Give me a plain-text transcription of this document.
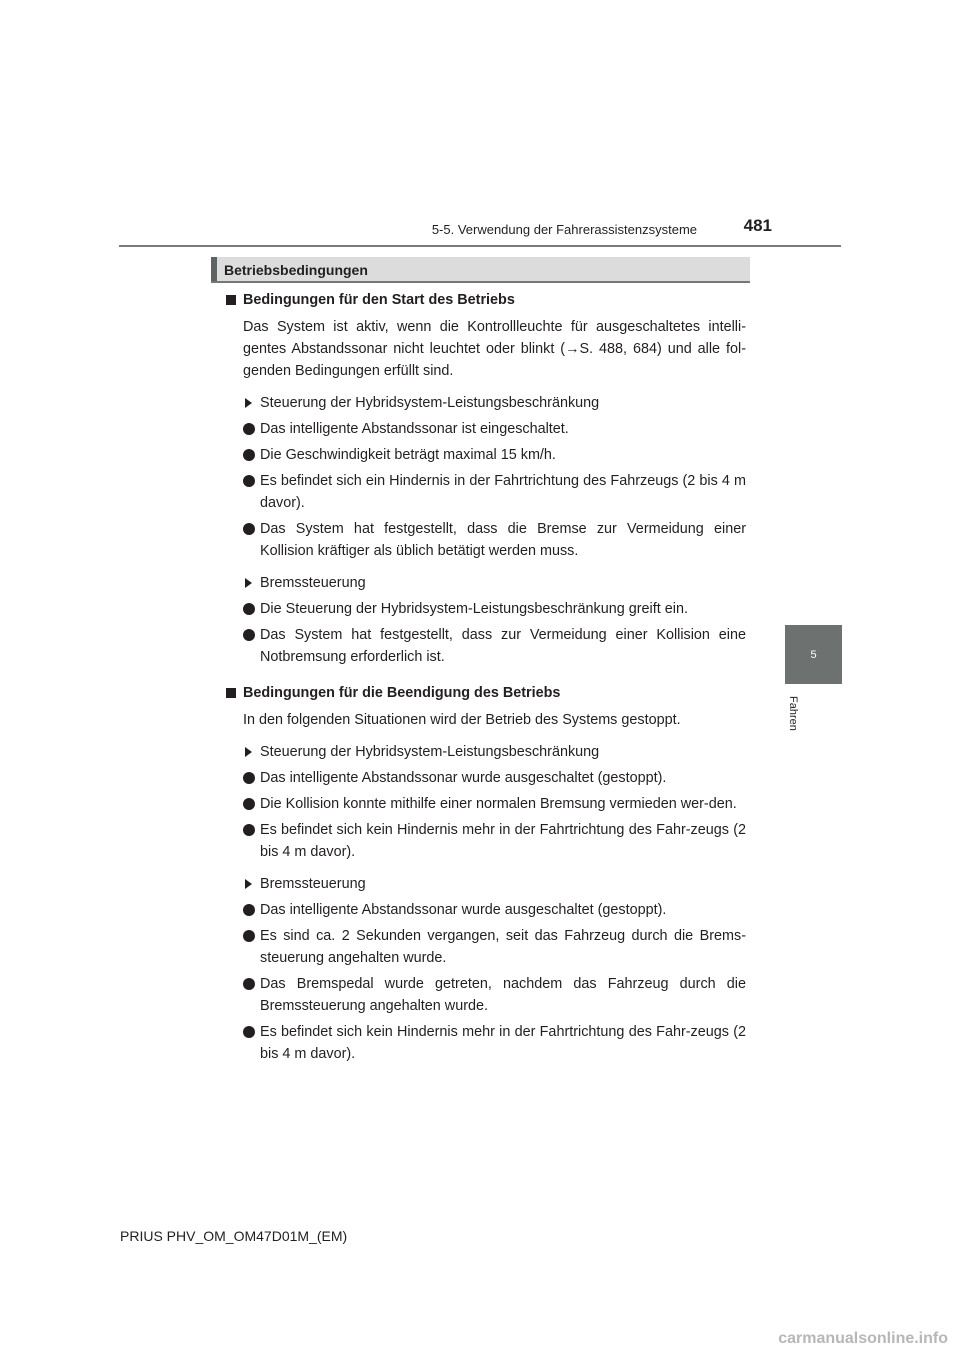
5-5. Verwendung der Fahrerassistenzsysteme	481
5
Fahren
Betriebsbedingungen
Bedingungen für den Start des Betriebs
Das System ist aktiv, wenn die Kontrollleuchte für ausgeschaltetes intelli-gentes Abstandssonar nicht leuchtet oder blinkt (→S. 488, 684) und alle fol-genden Bedingungen erfüllt sind.
Steuerung der Hybridsystem-Leistungsbeschränkung
Das intelligente Abstandssonar ist eingeschaltet.
Die Geschwindigkeit beträgt maximal 15 km/h.
Es befindet sich ein Hindernis in der Fahrtrichtung des Fahrzeugs (2 bis 4 m davor).
Das System hat festgestellt, dass die Bremse zur Vermeidung einer Kollision kräftiger als üblich betätigt werden muss.
Bremssteuerung
Die Steuerung der Hybridsystem-Leistungsbeschränkung greift ein.
Das System hat festgestellt, dass zur Vermeidung einer Kollision eine Notbremsung erforderlich ist.
Bedingungen für die Beendigung des Betriebs
In den folgenden Situationen wird der Betrieb des Systems gestoppt.
Steuerung der Hybridsystem-Leistungsbeschränkung
Das intelligente Abstandssonar wurde ausgeschaltet (gestoppt).
Die Kollision konnte mithilfe einer normalen Bremsung vermieden wer-den.
Es befindet sich kein Hindernis mehr in der Fahrtrichtung des Fahr-zeugs (2 bis 4 m davor).
Bremssteuerung
Das intelligente Abstandssonar wurde ausgeschaltet (gestoppt).
Es sind ca. 2 Sekunden vergangen, seit das Fahrzeug durch die Brems-steuerung angehalten wurde.
Das Bremspedal wurde getreten, nachdem das Fahrzeug durch die Bremssteuerung angehalten wurde.
Es befindet sich kein Hindernis mehr in der Fahrtrichtung des Fahr-zeugs (2 bis 4 m davor).
PRIUS PHV_OM_OM47D01M_(EM)
carmanualsonline.info
